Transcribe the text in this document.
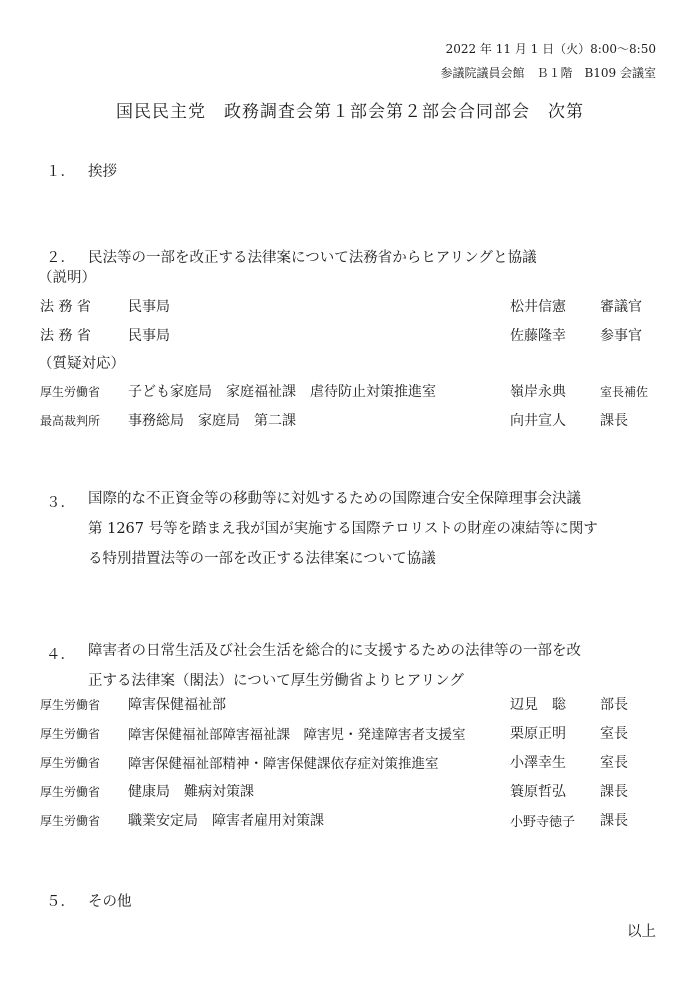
2022 年 11 月 1 日（火）8:00～8:50
参議院議員会館　Ｂ１階　B109 会議室
国民民主党　政務調査会第１部会第２部会合同部会　次第
１． 挨拶
２． 民法等の一部を改正する法律案について法務省からヒアリングと協議
（説明）
法 務 省	民事局	松井信憲 審議官
法 務 省	民事局	佐藤隆幸 参事官
（質疑対応）
厚生労働省 子ども家庭局　家庭福祉課　虐待防止対策推進室	嶺岸永典	室長補佐
最高裁判所 事務総局　家庭局　第二課	向井宣人 課長
３． 国際的な不正資金等の移動等に対処するための国際連合安全保障理事会決議
第 1267 号等を踏まえ我が国が実施する国際テロリストの財産の凍結等に関す
る特別措置法等の一部を改正する法律案について協議
４． 障害者の日常生活及び社会生活を総合的に支援するための法律等の一部を改
正する法律案（閣法）について厚生労働省よりヒアリング
厚生労働省 障害保健福祉部	辺見　聡 部長
厚生労働省 障害保健福祉部障害福祉課　障害児・発達障害者支援室	栗原正明 室長
厚生労働省 障害保健福祉部精神・障害保健課依存症対策推進室	小澤幸生 室長
厚生労働省 健康局　難病対策課	簑原哲弘 課長
厚生労働省 職業安定局　障害者雇用対策課	小野寺徳子 課長
５． その他
以上
